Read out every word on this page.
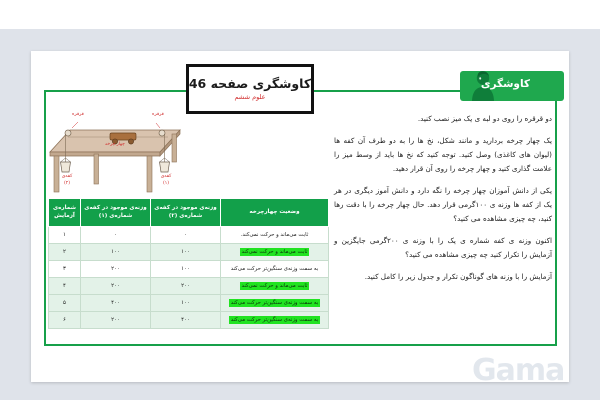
کاوشگری صفحه 46
علوم ششم
کاوشگری
قرقره	قرقره
چهار چرخه
کفه‌ی
(۲)
کفه‌ی
(۱)
وضعیت چهارچرخه	وزنه‌ی موجود در کفه‌ی شماره‌ی (۲)	وزنه‌ی موجود در کفه‌ی شماره‌ی (۱)	شماره‌ی آزمایش
ثابت می‌ماند و حرکت نمی‌کند.	۰	۰	۱
ثابت می‌ماند و حرکت نمی‌کند	۱۰۰	۱۰۰	۲
به سمت وزنه‌ی سنگین‌تر حرکت می‌کند	۱۰۰	۲۰۰	۳
ثابت می‌ماند و حرکت نمی‌کند	۲۰۰	۲۰۰	۴
به سمت وزنه‌ی سنگین‌تر حرکت می‌کند	۱۰۰	۴۰۰	۵
به سمت وزنه‌ی سنگین‌تر حرکت می‌کند	۴۰۰	۲۰۰	۶

دو قرقره را روی دو لبه ی یک میز نصب کنید.

یک چهار چرخه برداريد و مانند شکل، نخ ها را به دو طرف آن کفه ها (لیوان های کاغذی) وصل کنید. توجه کنید که نخ ها باید از وسط میز را علامت گذاری کنید و چهار چرخه را روی آن قرار دهید.

یکی از دانش آموزان چهار چرخه را نگه دارد و دانش آموز دیگری در هر یک از کفه ها وزنه ی ۱۰۰گرمی قرار دهد. حال چهار چرخه را با دقت رها کنید، چه چیزی مشاهده می کنید؟

اکنون وزنه ی کفه شماره ی یک را با وزنه ی ۲۰۰گرمی جایگزین و آزمایش را تکرار کنید چه چیزی مشاهده می کنید؟

آزمایش را با وزنه های گوناگون تکرار و جدول زیر را کامل کنید.

Gama
